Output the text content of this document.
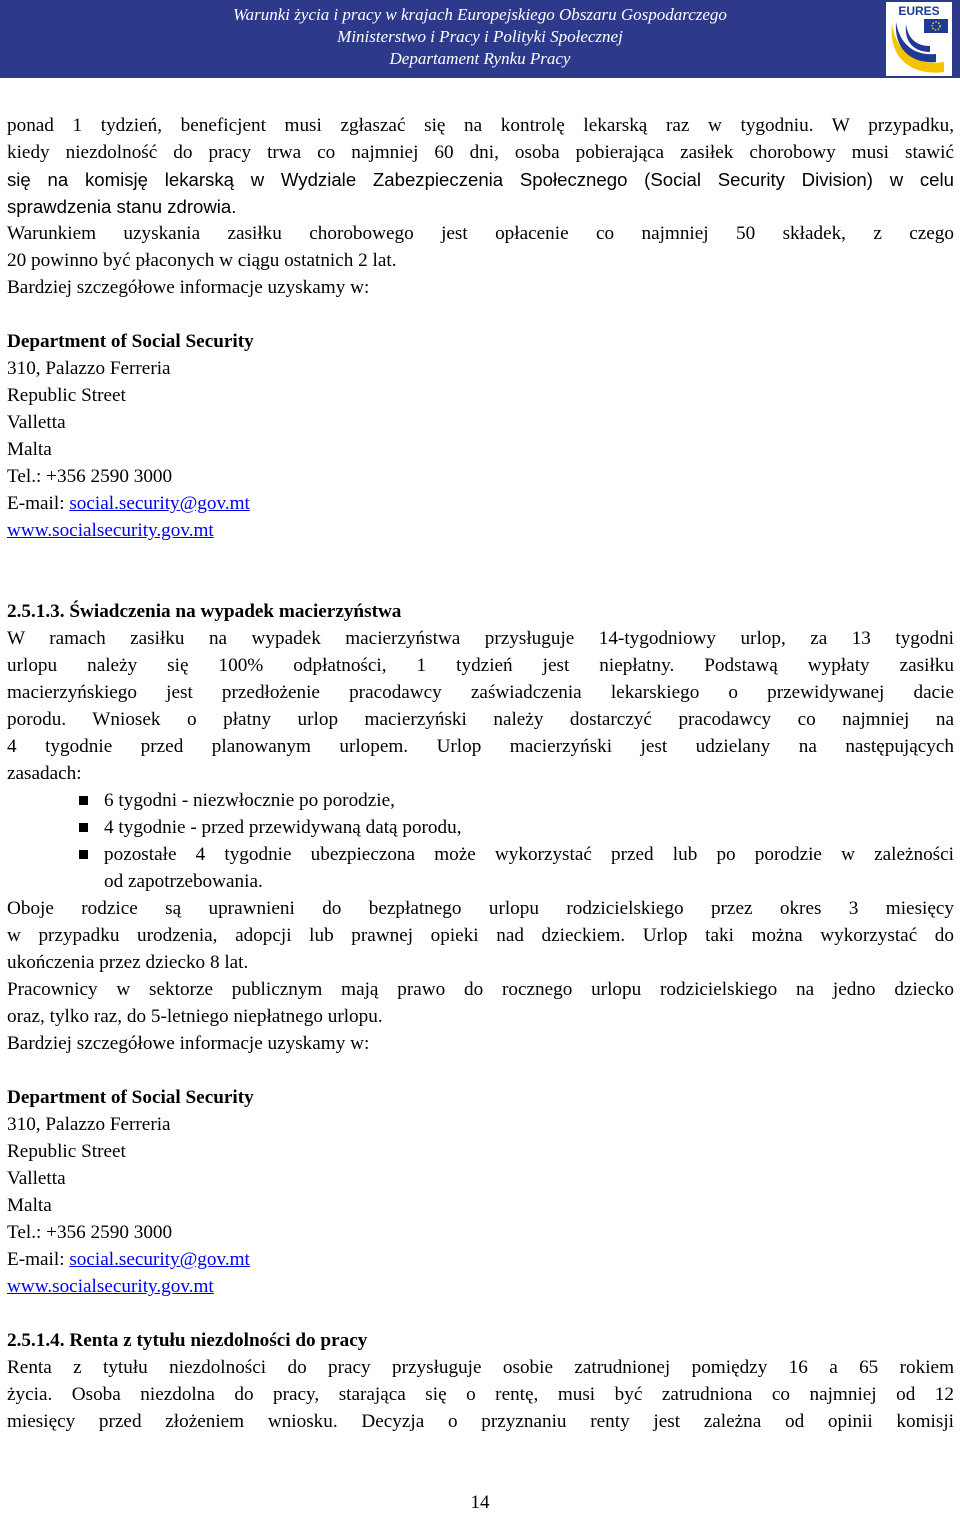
Warunki życia i pracy w krajach Europejskiego Obszaru Gospodarczego
Ministerstwo i Pracy i Polityki Społecznej
Departament Rynku Pracy
EURES
ponad 1 tydzień, beneficjent musi zgłaszać się na kontrolę lekarską raz w tygodniu. W przypadku,
kiedy niezdolność do pracy trwa co najmniej 60 dni, osoba pobierająca zasiłek chorobowy musi stawić
się na komisję lekarską w Wydziale Zabezpieczenia Społecznego (Social Security Division) w celu
sprawdzenia stanu zdrowia.
Warunkiem uzyskania zasiłku chorobowego jest opłacenie co najmniej 50 składek, z czego
20 powinno być płaconych w ciągu ostatnich 2 lat.
Bardziej szczegółowe informacje uzyskamy w:
Department of Social Security
310, Palazzo Ferreria
Republic Street
Valletta
Malta
Tel.: +356 2590 3000
E-mail: social.security@gov.mt
www.socialsecurity.gov.mt
2.5.1.3. Świadczenia na wypadek macierzyństwa
W ramach zasiłku na wypadek macierzyństwa przysługuje 14-tygodniowy urlop, za 13 tygodni
urlopu należy się 100% odpłatności, 1 tydzień jest niepłatny. Podstawą wypłaty zasiłku
macierzyńskiego jest przedłożenie pracodawcy zaświadczenia lekarskiego o przewidywanej dacie
porodu. Wniosek o płatny urlop macierzyński należy dostarczyć pracodawcy co najmniej na
4 tygodnie przed planowanym urlopem. Urlop macierzyński jest udzielany na następujących
zasadach:
6 tygodni - niezwłocznie po porodzie,
4 tygodnie - przed przewidywaną datą porodu,
pozostałe 4 tygodnie ubezpieczona może wykorzystać przed lub po porodzie w zależności
od zapotrzebowania.
Oboje rodzice są uprawnieni do bezpłatnego urlopu rodzicielskiego przez okres 3 miesięcy
w przypadku urodzenia, adopcji lub prawnej opieki nad dzieckiem. Urlop taki można wykorzystać do
ukończenia przez dziecko 8 lat.
Pracownicy w sektorze publicznym mają prawo do rocznego urlopu rodzicielskiego na jedno dziecko
oraz, tylko raz, do 5-letniego niepłatnego urlopu.
Bardziej szczegółowe informacje uzyskamy w:
Department of Social Security
310, Palazzo Ferreria
Republic Street
Valletta
Malta
Tel.: +356 2590 3000
E-mail: social.security@gov.mt
www.socialsecurity.gov.mt
2.5.1.4. Renta z tytułu niezdolności do pracy
Renta z tytułu niezdolności do pracy przysługuje osobie zatrudnionej pomiędzy 16 a 65 rokiem
życia. Osoba niezdolna do pracy, starająca się o rentę, musi być zatrudniona co najmniej od 12
miesięcy przed złożeniem wniosku. Decyzja o przyznaniu renty jest zależna od opinii komisji
14
